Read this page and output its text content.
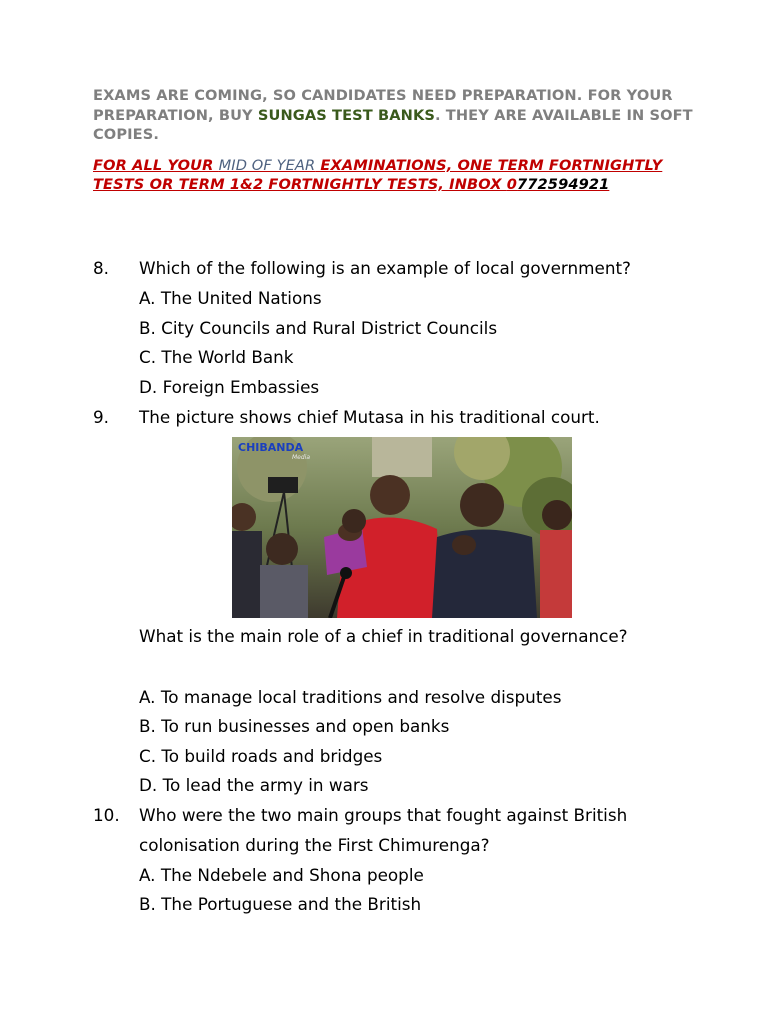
EXAMS ARE COMING, SO CANDIDATES NEED PREPARATION. FOR YOUR PREPARATION, BUY SUNGAS TEST BANKS. THEY ARE AVAILABLE IN SOFT COPIES.
FOR ALL YOUR MID OF YEAR EXAMINATIONS, ONE TERM FORTNIGHTLY TESTS OR TERM 1&2 FORTNIGHTLY TESTS, INBOX 0772594921
8. Which of the following is an example of local government?
A. The United Nations
B. City Councils and Rural District Councils
C. The World Bank
D. Foreign Embassies
9. The picture shows chief Mutasa in his traditional court.
CHIBANDA
Media
What is the main role of a chief in traditional governance?
A. To manage local traditions and resolve disputes
B. To run businesses and open banks
C. To build roads and bridges
D. To lead the army in wars
10. Who were the two main groups that fought against British colonisation during the First Chimurenga?
A. The Ndebele and Shona people
B. The Portuguese and the British
